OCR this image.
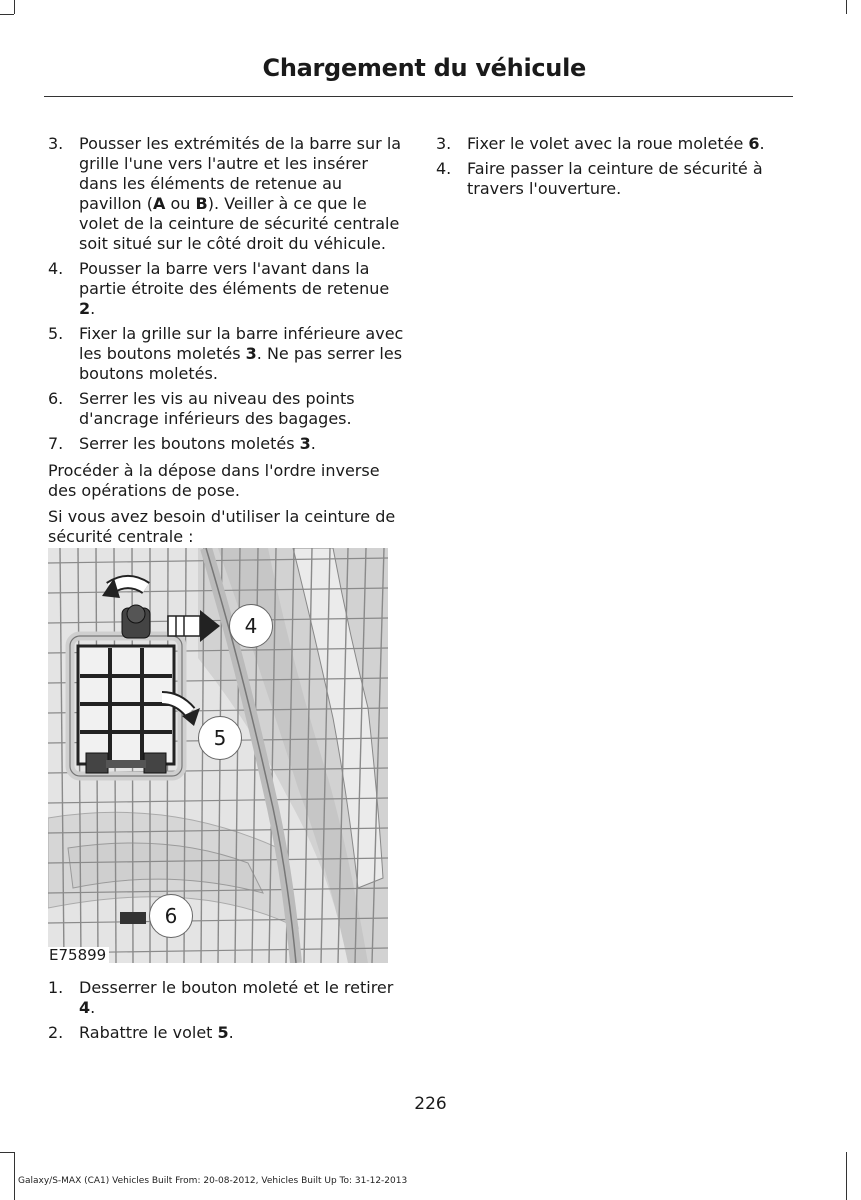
Chargement du véhicule
3. Pousser les extrémités de la barre sur la grille l'une vers l'autre et les insérer dans les éléments de retenue au pavillon (A ou B). Veiller à ce que le volet de la ceinture de sécurité centrale soit situé sur le côté droit du véhicule.
4. Pousser la barre vers l'avant dans la partie étroite des éléments de retenue 2.
5. Fixer la grille sur la barre inférieure avec les boutons moletés 3. Ne pas serrer les boutons moletés.
6. Serrer les vis au niveau des points d'ancrage inférieurs des bagages.
7. Serrer les boutons moletés 3.
Procéder à la dépose dans l'ordre inverse des opérations de pose.
Si vous avez besoin d'utiliser la ceinture de sécurité centrale :
4
5
6
E75899
1. Desserrer le bouton moleté et le retirer 4.
2. Rabattre le volet 5.
3. Fixer le volet avec la roue moletée 6.
4. Faire passer la ceinture de sécurité à travers l'ouverture.
226
Galaxy/S-MAX (CA1) Vehicles Built From: 20-08-2012, Vehicles Built Up To: 31-12-2013
